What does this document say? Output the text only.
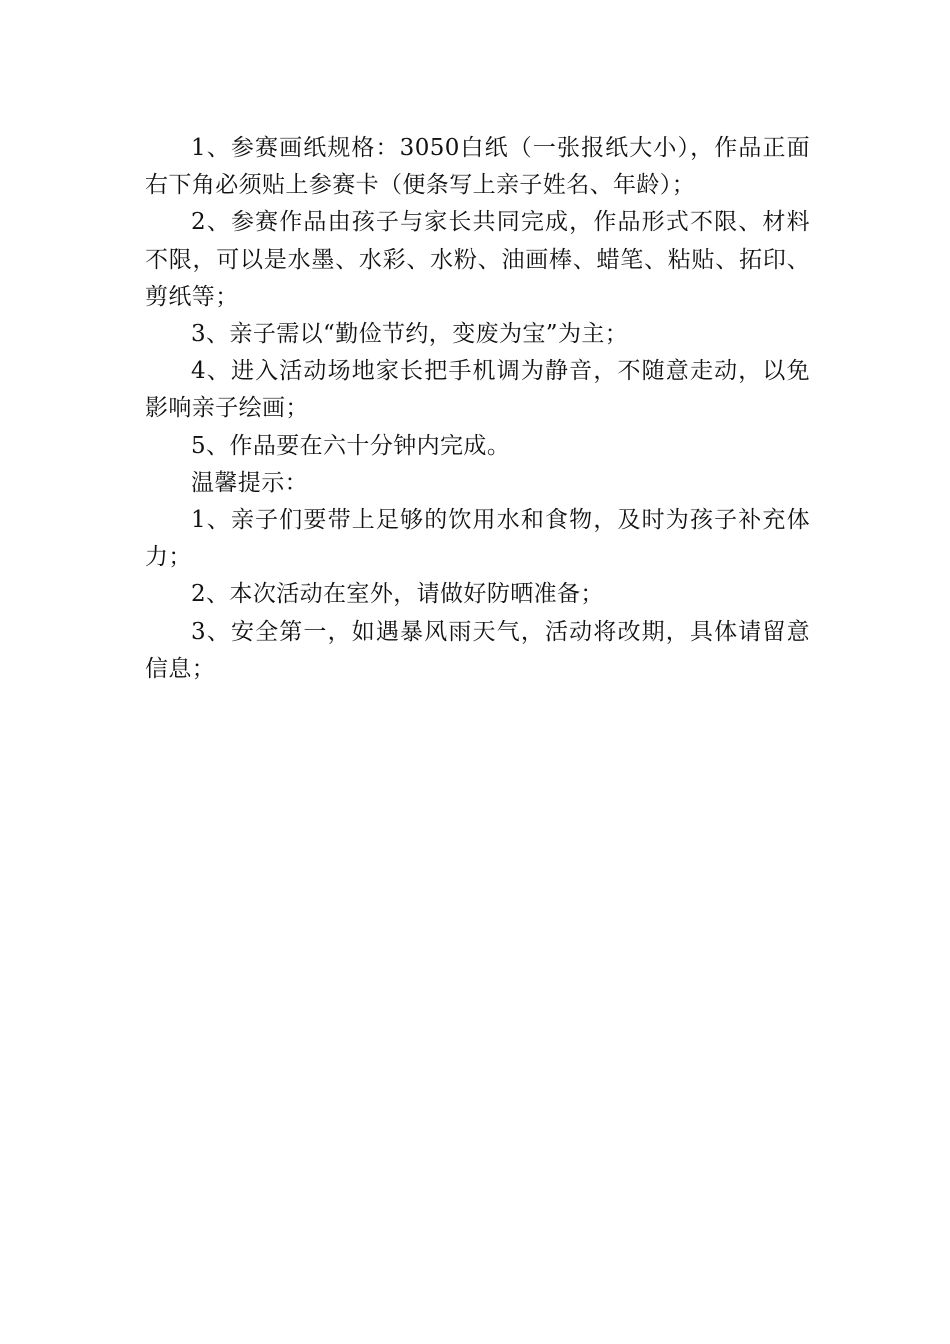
1、参赛画纸规格：3050白纸（一张报纸大小），作品正面右下角必须贴上参赛卡（便条写上亲子姓名、年龄）；

2、参赛作品由孩子与家长共同完成，作品形式不限、材料不限，可以是水墨、水彩、水粉、油画棒、蜡笔、粘贴、拓印、剪纸等；

3、亲子需以“勤俭节约，变废为宝”为主；

4、进入活动场地家长把手机调为静音，不随意走动，以免影响亲子绘画；

5、作品要在六十分钟内完成。

温馨提示：

1、亲子们要带上足够的饮用水和食物，及时为孩子补充体力；

2、本次活动在室外，请做好防晒准备；

3、安全第一，如遇暴风雨天气，活动将改期，具体请留意信息；
